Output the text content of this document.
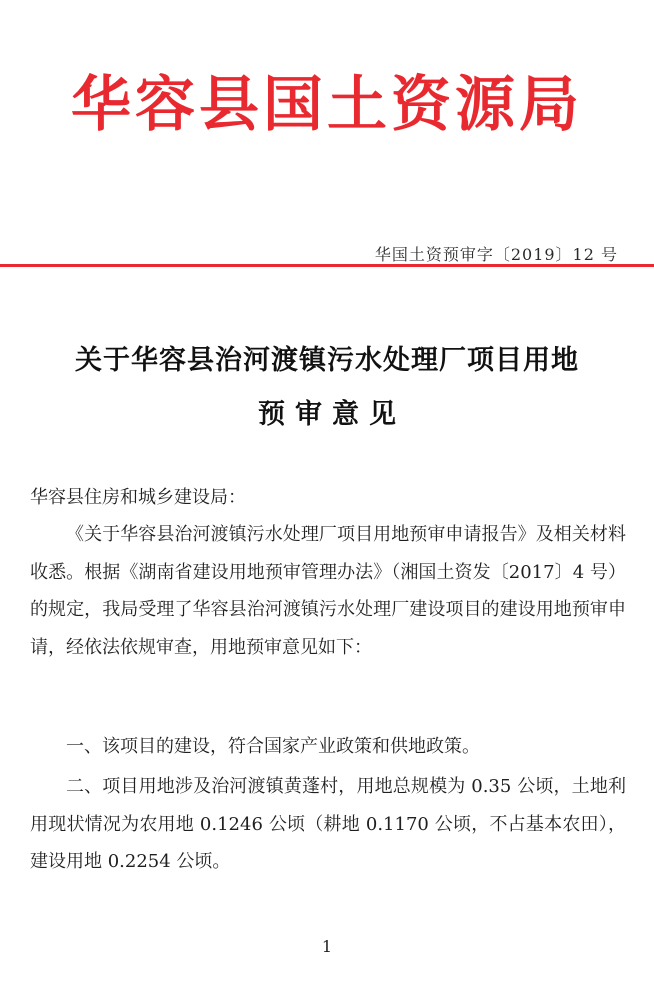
华容县国土资源局
华国土资预审字〔2019〕12 号
关于华容县治河渡镇污水处理厂项目用地
预审意见
华容县住房和城乡建设局：
《关于华容县治河渡镇污水处理厂项目用地预审申请报告》及相关材料收悉。根据《湖南省建设用地预审管理办法》（湘国土资发〔2017〕4 号）的规定，我局受理了华容县治河渡镇污水处理厂建设项目的建设用地预审申请，经依法依规审查，用地预审意见如下：
一、该项目的建设，符合国家产业政策和供地政策。
二、项目用地涉及治河渡镇黄蓬村，用地总规模为 0.35 公顷，土地利用现状情况为农用地 0.1246 公顷（耕地 0.1170 公顷，不占基本农田），建设用地 0.2254 公顷。
1
